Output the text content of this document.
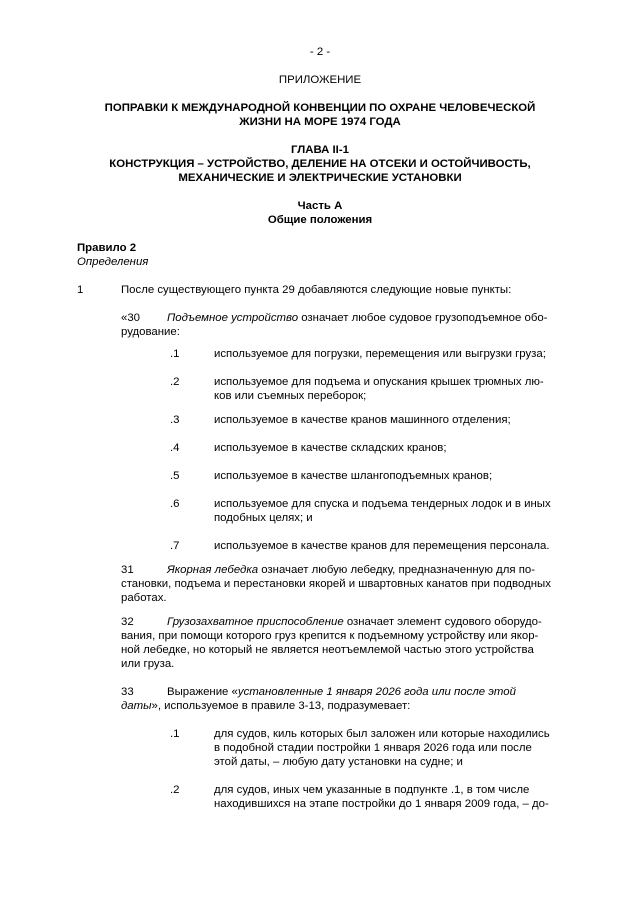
- 2 -
ПРИЛОЖЕНИЕ
ПОПРАВКИ К МЕЖДУНАРОДНОЙ КОНВЕНЦИИ ПО ОХРАНЕ ЧЕЛОВЕЧЕСКОЙ
ЖИЗНИ НА МОРЕ 1974 ГОДА
ГЛАВА II-1
КОНСТРУКЦИЯ – УСТРОЙСТВО, ДЕЛЕНИЕ НА ОТСЕКИ И ОСТОЙЧИВОСТЬ,
МЕХАНИЧЕСКИЕ И ЭЛЕКТРИЧЕСКИЕ УСТАНОВКИ
Часть А
Общие положения
Правило 2
Определения
1	После существующего пункта 29 добавляются следующие новые пункты:
«30 Подъемное устройство означает любое судовое грузоподъемное обо-
рудование:
.1	используемое для погрузки, перемещения или выгрузки груза;
.2	используемое для подъема и опускания крышек трюмных лю-
ков или съемных переборок;
.3	используемое в качестве кранов машинного отделения;
.4	используемое в качестве складских кранов;
.5	используемое в качестве шлангоподъемных кранов;
.6	используемое для спуска и подъема тендерных лодок и в иных
подобных целях; и
.7	используемое в качестве кранов для перемещения персонала.
31	Якорная лебедка означает любую лебедку, предназначенную для по-
становки, подъема и перестановки якорей и швартовных канатов при подводных
работах.
32	Грузозахватное приспособление означает элемент судового оборудо-
вания, при помощи которого груз крепится к подъемному устройству или якор-
ной лебедке, но который не является неотъемлемой частью этого устройства
или груза.
33	Выражение «установленные 1 января 2026 года или после этой
даты», используемое в правиле 3-13, подразумевает:
.1	для судов, киль которых был заложен или которые находились
в подобной стадии постройки 1 января 2026 года или после
этой даты, – любую дату установки на судне; и
.2	для судов, иных чем указанные в подпункте .1, в том числе
находившихся на этапе постройки до 1 января 2009 года, – до-
